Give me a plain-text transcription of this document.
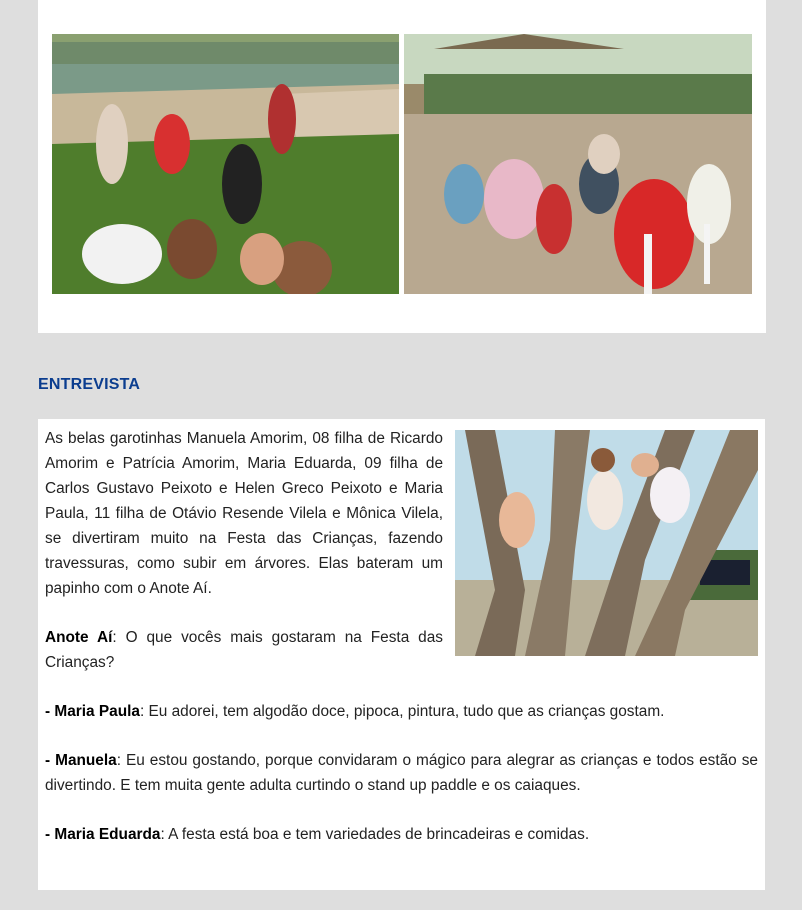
ENTREVISTA

As belas garotinhas Manuela Amorim, 08 filha de Ricardo Amorim e Patrícia Amorim, Maria Eduarda, 09 filha de Carlos Gustavo Peixoto e Helen Greco Peixoto e Maria Paula, 11 filha de Otávio Resende Vilela e Mônica Vilela, se divertiram muito na Festa das Crianças, fazendo travessuras, como subir em árvores. Elas bateram um papinho com o Anote Aí.

Anote Aí: O que vocês mais gostaram na Festa das Crianças?

- Maria Paula: Eu adorei, tem algodão doce, pipoca, pintura, tudo que as crianças gostam.

- Manuela: Eu estou gostando, porque convidaram o mágico para alegrar as crianças e todos estão se divertindo. E tem muita gente adulta curtindo o stand up paddle e os caiaques.

- Maria Eduarda: A festa está boa e tem variedades de brincadeiras e comidas.
